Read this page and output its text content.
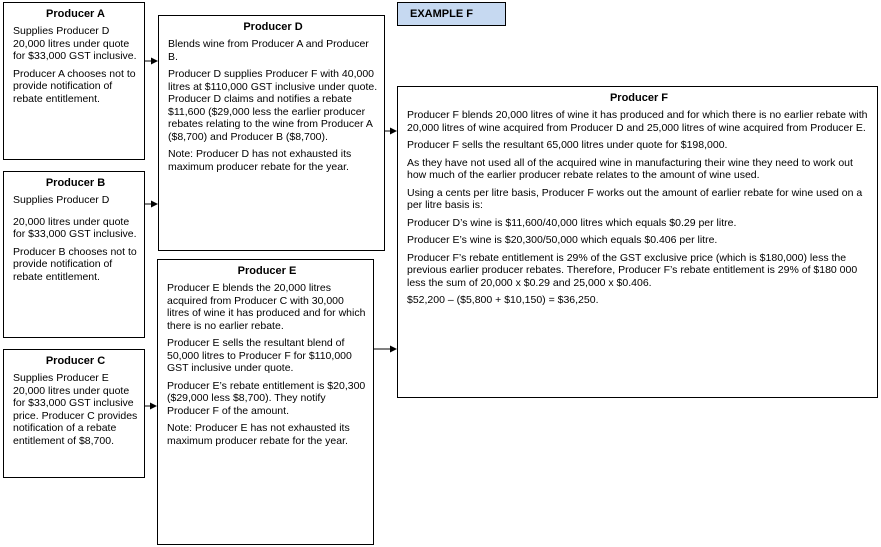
EXAMPLE F
Producer A

Supplies Producer D 20,000 litres under quote for $33,000 GST inclusive.

Producer A chooses not to provide notification of rebate entitlement.

Producer B

Supplies Producer D

20,000 litres under quote for $33,000 GST inclusive.

Producer B chooses not to provide notification of rebate entitlement.

Producer C

Supplies Producer E 20,000 litres under quote for $33,000 GST inclusive price. Producer C provides notification of a rebate entitlement of $8,700.

Producer D

Blends wine from Producer A and Producer B.

Producer D supplies Producer F with 40,000 litres at $110,000 GST inclusive under quote. Producer D claims and notifies a rebate $11,600 ($29,000 less the earlier producer rebates relating to the wine from Producer A ($8,700) and Producer B ($8,700).

Note: Producer D has not exhausted its maximum producer rebate for the year.

Producer E

Producer E blends the 20,000 litres acquired from Producer C with 30,000 litres of wine it has produced and for which there is no earlier rebate.

Producer E sells the resultant blend of 50,000 litres to Producer F for $110,000 GST inclusive under quote.

Producer E’s rebate entitlement is $20,300 ($29,000 less $8,700). They notify Producer F of the amount.

Note: Producer E has not exhausted its maximum producer rebate for the year.

Producer F

Producer F blends 20,000 litres of wine it has produced and for which there is no earlier rebate with 20,000 litres of wine acquired from Producer D and 25,000 litres of wine acquired from Producer E.

Producer F sells the resultant 65,000 litres under quote for $198,000.

As they have not used all of the acquired wine in manufacturing their wine they need to work out how much of the earlier producer rebate relates to the amount of wine used.

Using a cents per litre basis, Producer F works out the amount of earlier rebate for wine used on a per litre basis is:

Producer D’s wine is $11,600/40,000 litres which equals $0.29 per litre.

Producer E’s wine is $20,300/50,000 which equals $0.406 per litre.

Producer F’s rebate entitlement is 29% of the GST exclusive price (which is $180,000) less the previous earlier producer rebates. Therefore, Producer F’s rebate entitlement is 29% of $180 000 less the sum of 20,000 x $0.29 and 25,000 x $0.406.

$52,200 – ($5,800 + $10,150) = $36,250.
